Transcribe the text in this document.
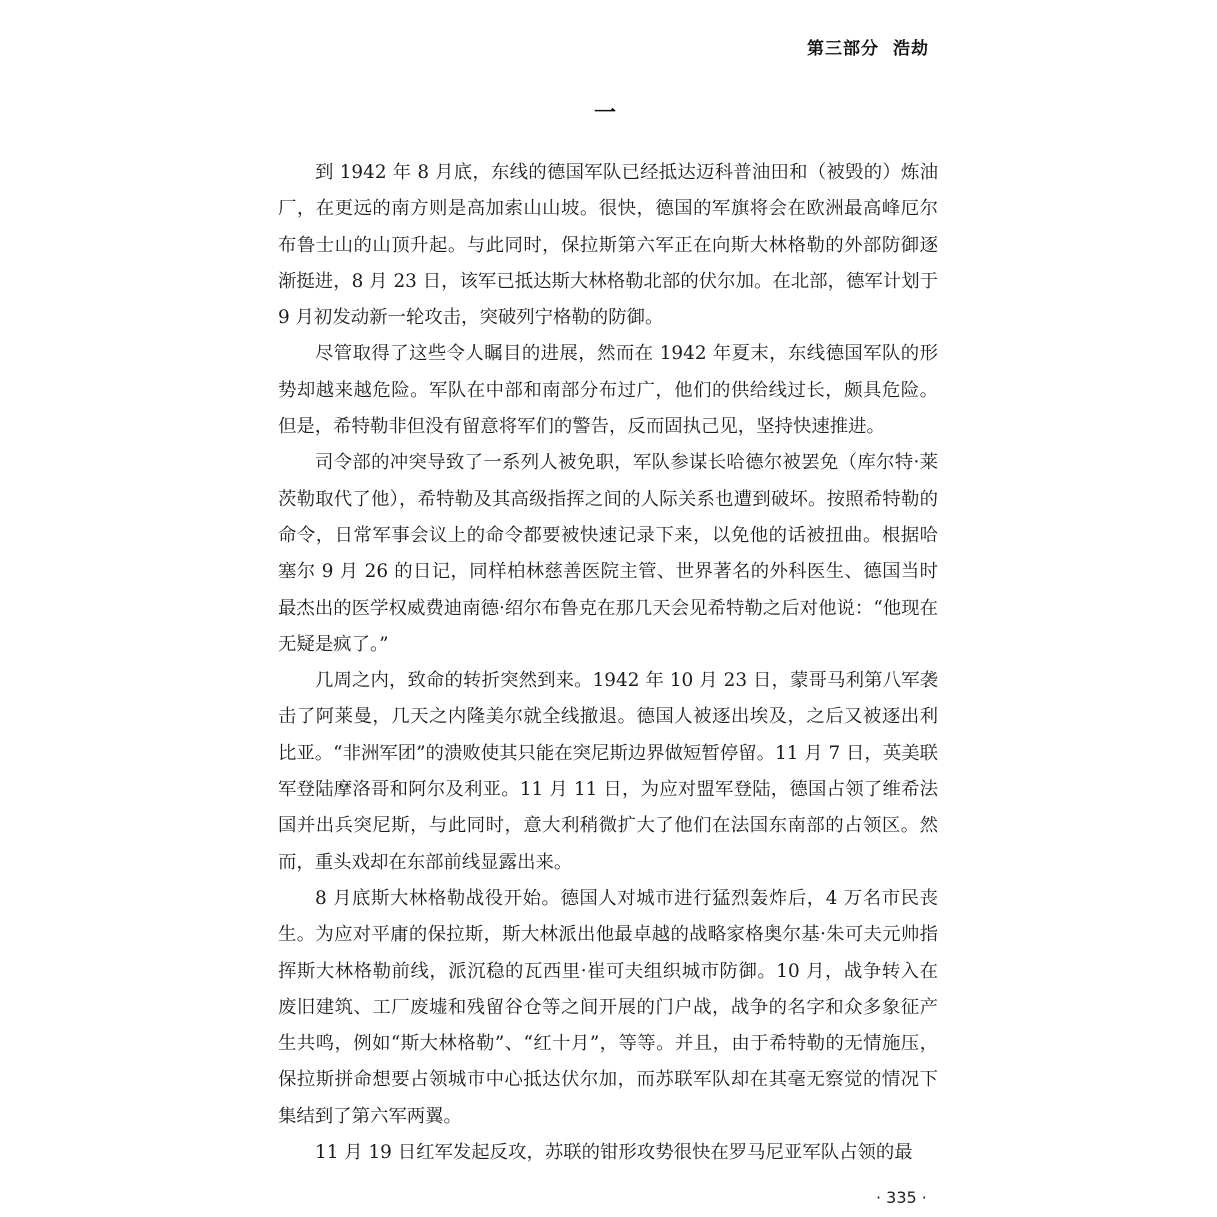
第三部分 浩劫
一

到 1942 年 8 月底，东线的德国军队已经抵达迈科普油田和（被毁的）炼油厂，在更远的南方则是高加索山山坡。很快，德国的军旗将会在欧洲最高峰厄尔布鲁士山的山顶升起。与此同时，保拉斯第六军正在向斯大林格勒的外部防御逐渐挺进，8 月 23 日，该军已抵达斯大林格勒北部的伏尔加。在北部，德军计划于 9 月初发动新一轮攻击，突破列宁格勒的防御。

尽管取得了这些令人瞩目的进展，然而在 1942 年夏末，东线德国军队的形势却越来越危险。军队在中部和南部分布过广，他们的供给线过长，颇具危险。但是，希特勒非但没有留意将军们的警告，反而固执己见，坚持快速推进。

司令部的冲突导致了一系列人被免职，军队参谋长哈德尔被罢免（库尔特·莱茨勒取代了他），希特勒及其高级指挥之间的人际关系也遭到破坏。按照希特勒的命令，日常军事会议上的命令都要被快速记录下来，以免他的话被扭曲。根据哈塞尔 9 月 26 的日记，同样柏林慈善医院主管、世界著名的外科医生、德国当时最杰出的医学权威费迪南德·绍尔布鲁克在那几天会见希特勒之后对他说：“他现在无疑是疯了。”

几周之内，致命的转折突然到来。1942 年 10 月 23 日，蒙哥马利第八军袭击了阿莱曼，几天之内隆美尔就全线撤退。德国人被逐出埃及，之后又被逐出利比亚。“非洲军团”的溃败使其只能在突尼斯边界做短暂停留。11 月 7 日，英美联军登陆摩洛哥和阿尔及利亚。11 月 11 日，为应对盟军登陆，德国占领了维希法国并出兵突尼斯，与此同时，意大利稍微扩大了他们在法国东南部的占领区。然而，重头戏却在东部前线显露出来。

8 月底斯大林格勒战役开始。德国人对城市进行猛烈轰炸后，4 万名市民丧生。为应对平庸的保拉斯，斯大林派出他最卓越的战略家格奥尔基·朱可夫元帅指挥斯大林格勒前线，派沉稳的瓦西里·崔可夫组织城市防御。10 月，战争转入在废旧建筑、工厂废墟和残留谷仓等之间开展的门户战，战争的名字和众多象征产生共鸣，例如“斯大林格勒”、“红十月”，等等。并且，由于希特勒的无情施压，保拉斯拼命想要占领城市中心抵达伏尔加，而苏联军队却在其毫无察觉的情况下集结到了第六军两翼。

11 月 19 日红军发起反攻，苏联的钳形攻势很快在罗马尼亚军队占领的最

· 335 ·
